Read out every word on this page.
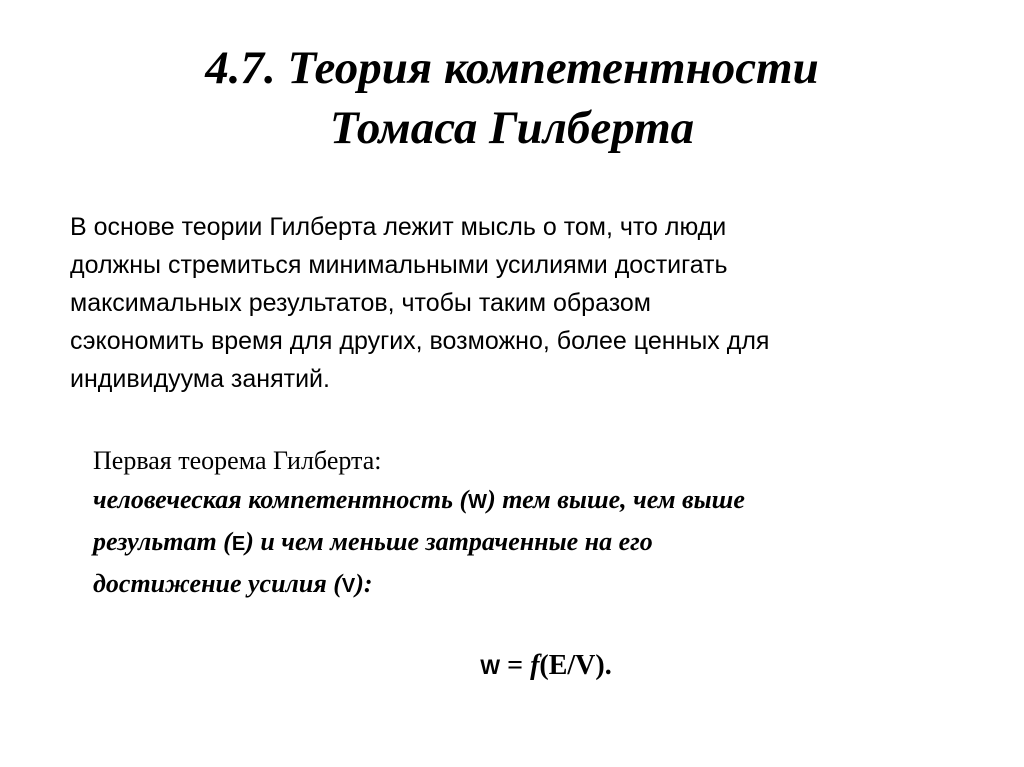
4.7. Теория компетентности
Томаса Гилберта

В основе теории Гилберта лежит мысль о том, что люди
должны стремиться минимальными усилиями достигать
максимальных результатов, чтобы таким образом
сэкономить время для других, возможно, более ценных для
индивидуума занятий.

Первая теорема Гилберта:
человеческая компетентность (W) тем выше, чем выше
результат (E) и чем меньше затраченные на его
достижение усилия (V):
W = f(E/V).
